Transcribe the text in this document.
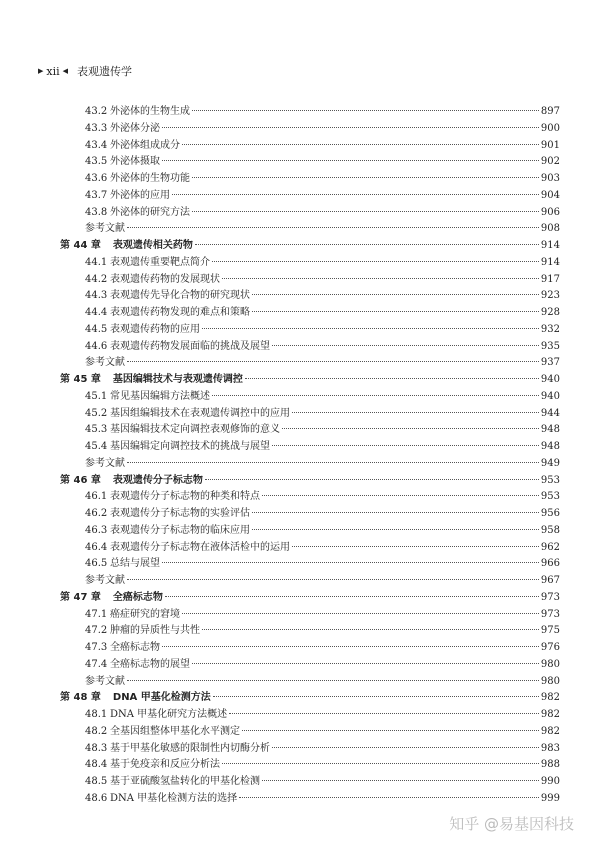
▶ xii ◀ 表观遗传学
43.2 外泌体的生物生成	897
43.3 外泌体分泌	900
43.4 外泌体组成成分	901
43.5 外泌体摄取	902
43.6 外泌体的生物功能	903
43.7 外泌体的应用	904
43.8 外泌体的研究方法	906
参考文献	908
第 44 章 表观遗传相关药物	914
44.1 表观遗传重要靶点简介	914
44.2 表观遗传药物的发展现状	917
44.3 表观遗传先导化合物的研究现状	923
44.4 表观遗传药物发现的难点和策略	928
44.5 表观遗传药物的应用	932
44.6 表观遗传药物发展面临的挑战及展望	935
参考文献	937
第 45 章 基因编辑技术与表观遗传调控	940
45.1 常见基因编辑方法概述	940
45.2 基因组编辑技术在表观遗传调控中的应用	944
45.3 基因编辑技术定向调控表观修饰的意义	948
45.4 基因编辑定向调控技术的挑战与展望	948
参考文献	949
第 46 章 表观遗传分子标志物	953
46.1 表观遗传分子标志物的种类和特点	953
46.2 表观遗传分子标志物的实验评估	956
46.3 表观遗传分子标志物的临床应用	958
46.4 表观遗传分子标志物在液体活检中的运用	962
46.5 总结与展望	966
参考文献	967
第 47 章 全癌标志物	973
47.1 癌症研究的窘境	973
47.2 肿瘤的异质性与共性	975
47.3 全癌标志物	976
47.4 全癌标志物的展望	980
参考文献	980
第 48 章 DNA 甲基化检测方法	982
48.1 DNA 甲基化研究方法概述	982
48.2 全基因组整体甲基化水平测定	982
48.3 基于甲基化敏感的限制性内切酶分析	983
48.4 基于免疫亲和反应分析法	988
48.5 基于亚硫酸氢盐转化的甲基化检测	990
48.6 DNA 甲基化检测方法的选择	999
知乎 @易基因科技
